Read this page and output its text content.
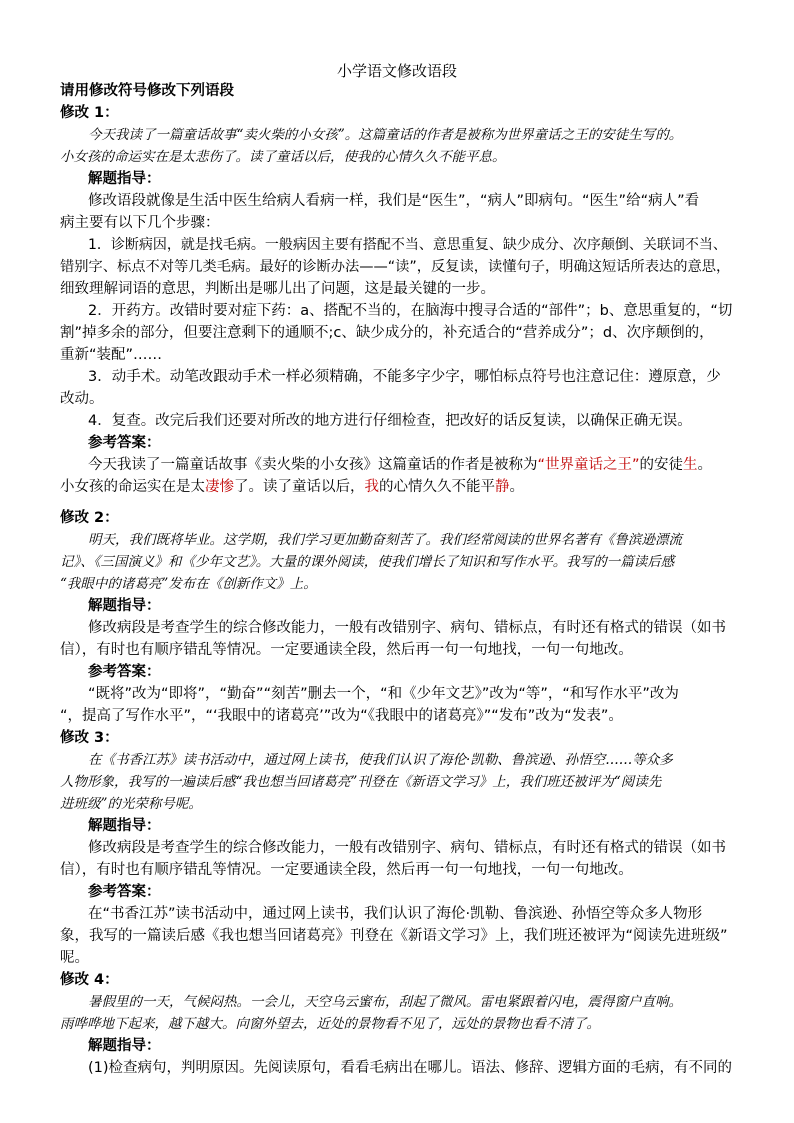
小学语文修改语段
请用修改符号修改下列语段
修改 1：
今天我读了一篇童话故事“卖火柴的小女孩”。这篇童话的作者是被称为世界童话之王的安徒生写的。
小女孩的命运实在是太悲伤了。读了童话以后，使我的心情久久不能平息。
解题指导：
修改语段就像是生活中医生给病人看病一样，我们是“医生”，“病人”即病句。“医生”给“病人”看
病主要有以下几个步骤：
1．诊断病因，就是找毛病。一般病因主要有搭配不当、意思重复、缺少成分、次序颠倒、关联词不当、
错别字、标点不对等几类毛病。最好的诊断办法——“读”，反复读，读懂句子，明确这短话所表达的意思，
细致理解词语的意思，判断出是哪儿出了问题，这是最关键的一步。
2．开药方。改错时要对症下药：a、搭配不当的，在脑海中搜寻合适的“部件”；b、意思重复的，“切
割”掉多余的部分，但要注意剩下的通顺不;c、缺少成分的，补充适合的“营养成分”；d、次序颠倒的，
重新“装配”……
3．动手术。动笔改跟动手术一样必须精确，不能多字少字，哪怕标点符号也注意记住：遵原意，少
改动。
4．复查。改完后我们还要对所改的地方进行仔细检查，把改好的话反复读，以确保正确无误。
参考答案：
今天我读了一篇童话故事《卖火柴的小女孩》这篇童话的作者是被称为“世界童话之王”的安徒生。
小女孩的命运实在是太凄惨了。读了童话以后，我的心情久久不能平静。
修改 2：
明天，我们既将毕业。这学期，我们学习更加勤奋刻苦了。我们经常阅读的世界名著有《鲁滨逊漂流
记》、《三国演义》和《少年文艺》。大量的课外阅读，使我们增长了知识和写作水平。我写的一篇读后感
“我眼中的诸葛亮”发布在《创新作文》上。
解题指导：
修改病段是考查学生的综合修改能力，一般有改错别字、病句、错标点，有时还有格式的错误（如书
信），有时也有顺序错乱等情况。一定要通读全段，然后再一句一句地找，一句一句地改。
参考答案：
“既将”改为“即将”，“勤奋”“刻苦”删去一个，“和《少年文艺》”改为“等”，“和写作水平”改为
“，提高了写作水平”，“‘我眼中的诸葛亮’”改为“《我眼中的诸葛亮》”“发布”改为“发表”。
修改 3：
在《书香江苏》读书活动中，通过网上读书，使我们认识了海伦·凯勒、鲁滨逊、孙悟空……等众多
人物形象，我写的一遍读后感“我也想当回诸葛亮”刊登在《新语文学习》上，我们班还被评为“阅读先
进班级”的光荣称号呢。
解题指导：
修改病段是考查学生的综合修改能力，一般有改错别字、病句、错标点，有时还有格式的错误（如书
信），有时也有顺序错乱等情况。一定要通读全段，然后再一句一句地找，一句一句地改。
参考答案：
在“书香江苏”读书活动中，通过网上读书，我们认识了海伦·凯勒、鲁滨逊、孙悟空等众多人物形
象，我写的一篇读后感《我也想当回诸葛亮》刊登在《新语文学习》上，我们班还被评为“阅读先进班级”
呢。
修改 4：
暑假里的一天，气候闷热。一会儿，天空乌云蜜布，刮起了微风。雷电紧跟着闪电，震得窗户直响。
雨哗哗地下起来，越下越大。向窗外望去，近处的景物看不见了，远处的景物也看不清了。
解题指导：
(1)检查病句，判明原因。先阅读原句，看看毛病出在哪儿。语法、修辞、逻辑方面的毛病，有不同的
